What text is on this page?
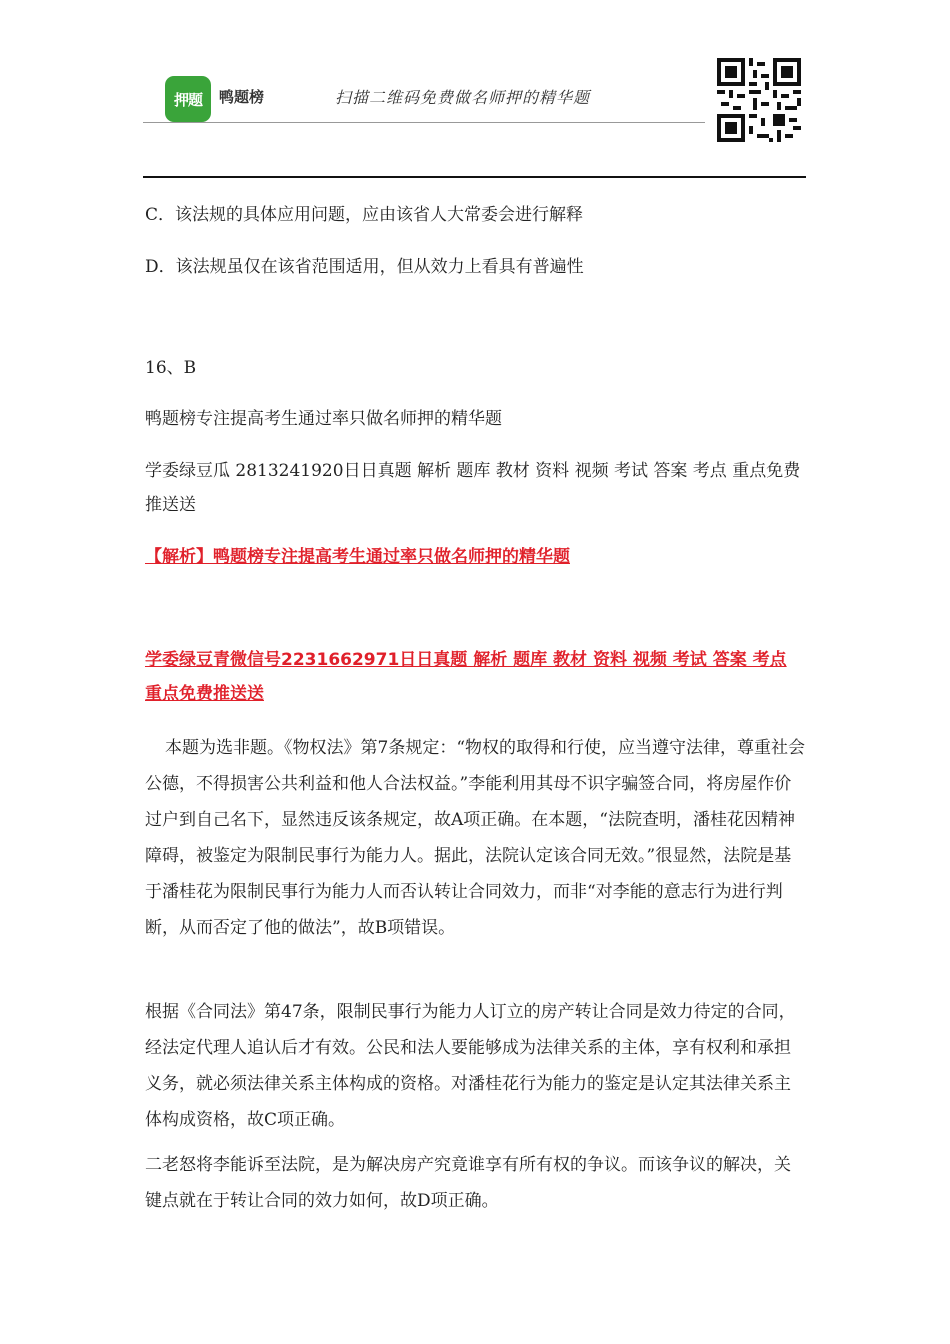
押题 鸭题榜	扫描二维码免费做名师押的精华题

C．该法规的具体应用问题，应由该省人大常委会进行解释

D．该法规虽仅在该省范围适用，但从效力上看具有普遍性

16、B

鸭题榜专注提高考生通过率只做名师押的精华题

学委绿豆瓜 2813241920日日真题 解析 题库 教材 资料 视频 考试 答案 考点 重点免费推送送

【解析】鸭题榜专注提高考生通过率只做名师押的精华题

学委绿豆青微信号2231662971日日真题 解析 题库 教材 资料 视频 考试 答案 考点 重点免费推送送

本题为选非题。《物权法》第7条规定：“物权的取得和行使，应当遵守法律，尊重社会公德，不得损害公共利益和他人合法权益。”李能利用其母不识字骗签合同，将房屋作价过户到自己名下，显然违反该条规定，故A项正确。在本题，“法院查明，潘桂花因精神障碍，被鉴定为限制民事行为能力人。据此，法院认定该合同无效。”很显然，法院是基于潘桂花为限制民事行为能力人而否认转让合同效力，而非“对李能的意志行为进行判断，从而否定了他的做法”，故B项错误。

根据《合同法》第47条，限制民事行为能力人订立的房产转让合同是效力待定的合同，经法定代理人追认后才有效。公民和法人要能够成为法律关系的主体，享有权利和承担义务，就必须法律关系主体构成的资格。对潘桂花行为能力的鉴定是认定其法律关系主体构成资格，故C项正确。

二老怒将李能诉至法院，是为解决房产究竟谁享有所有权的争议。而该争议的解决，关键点就在于转让合同的效力如何，故D项正确。
